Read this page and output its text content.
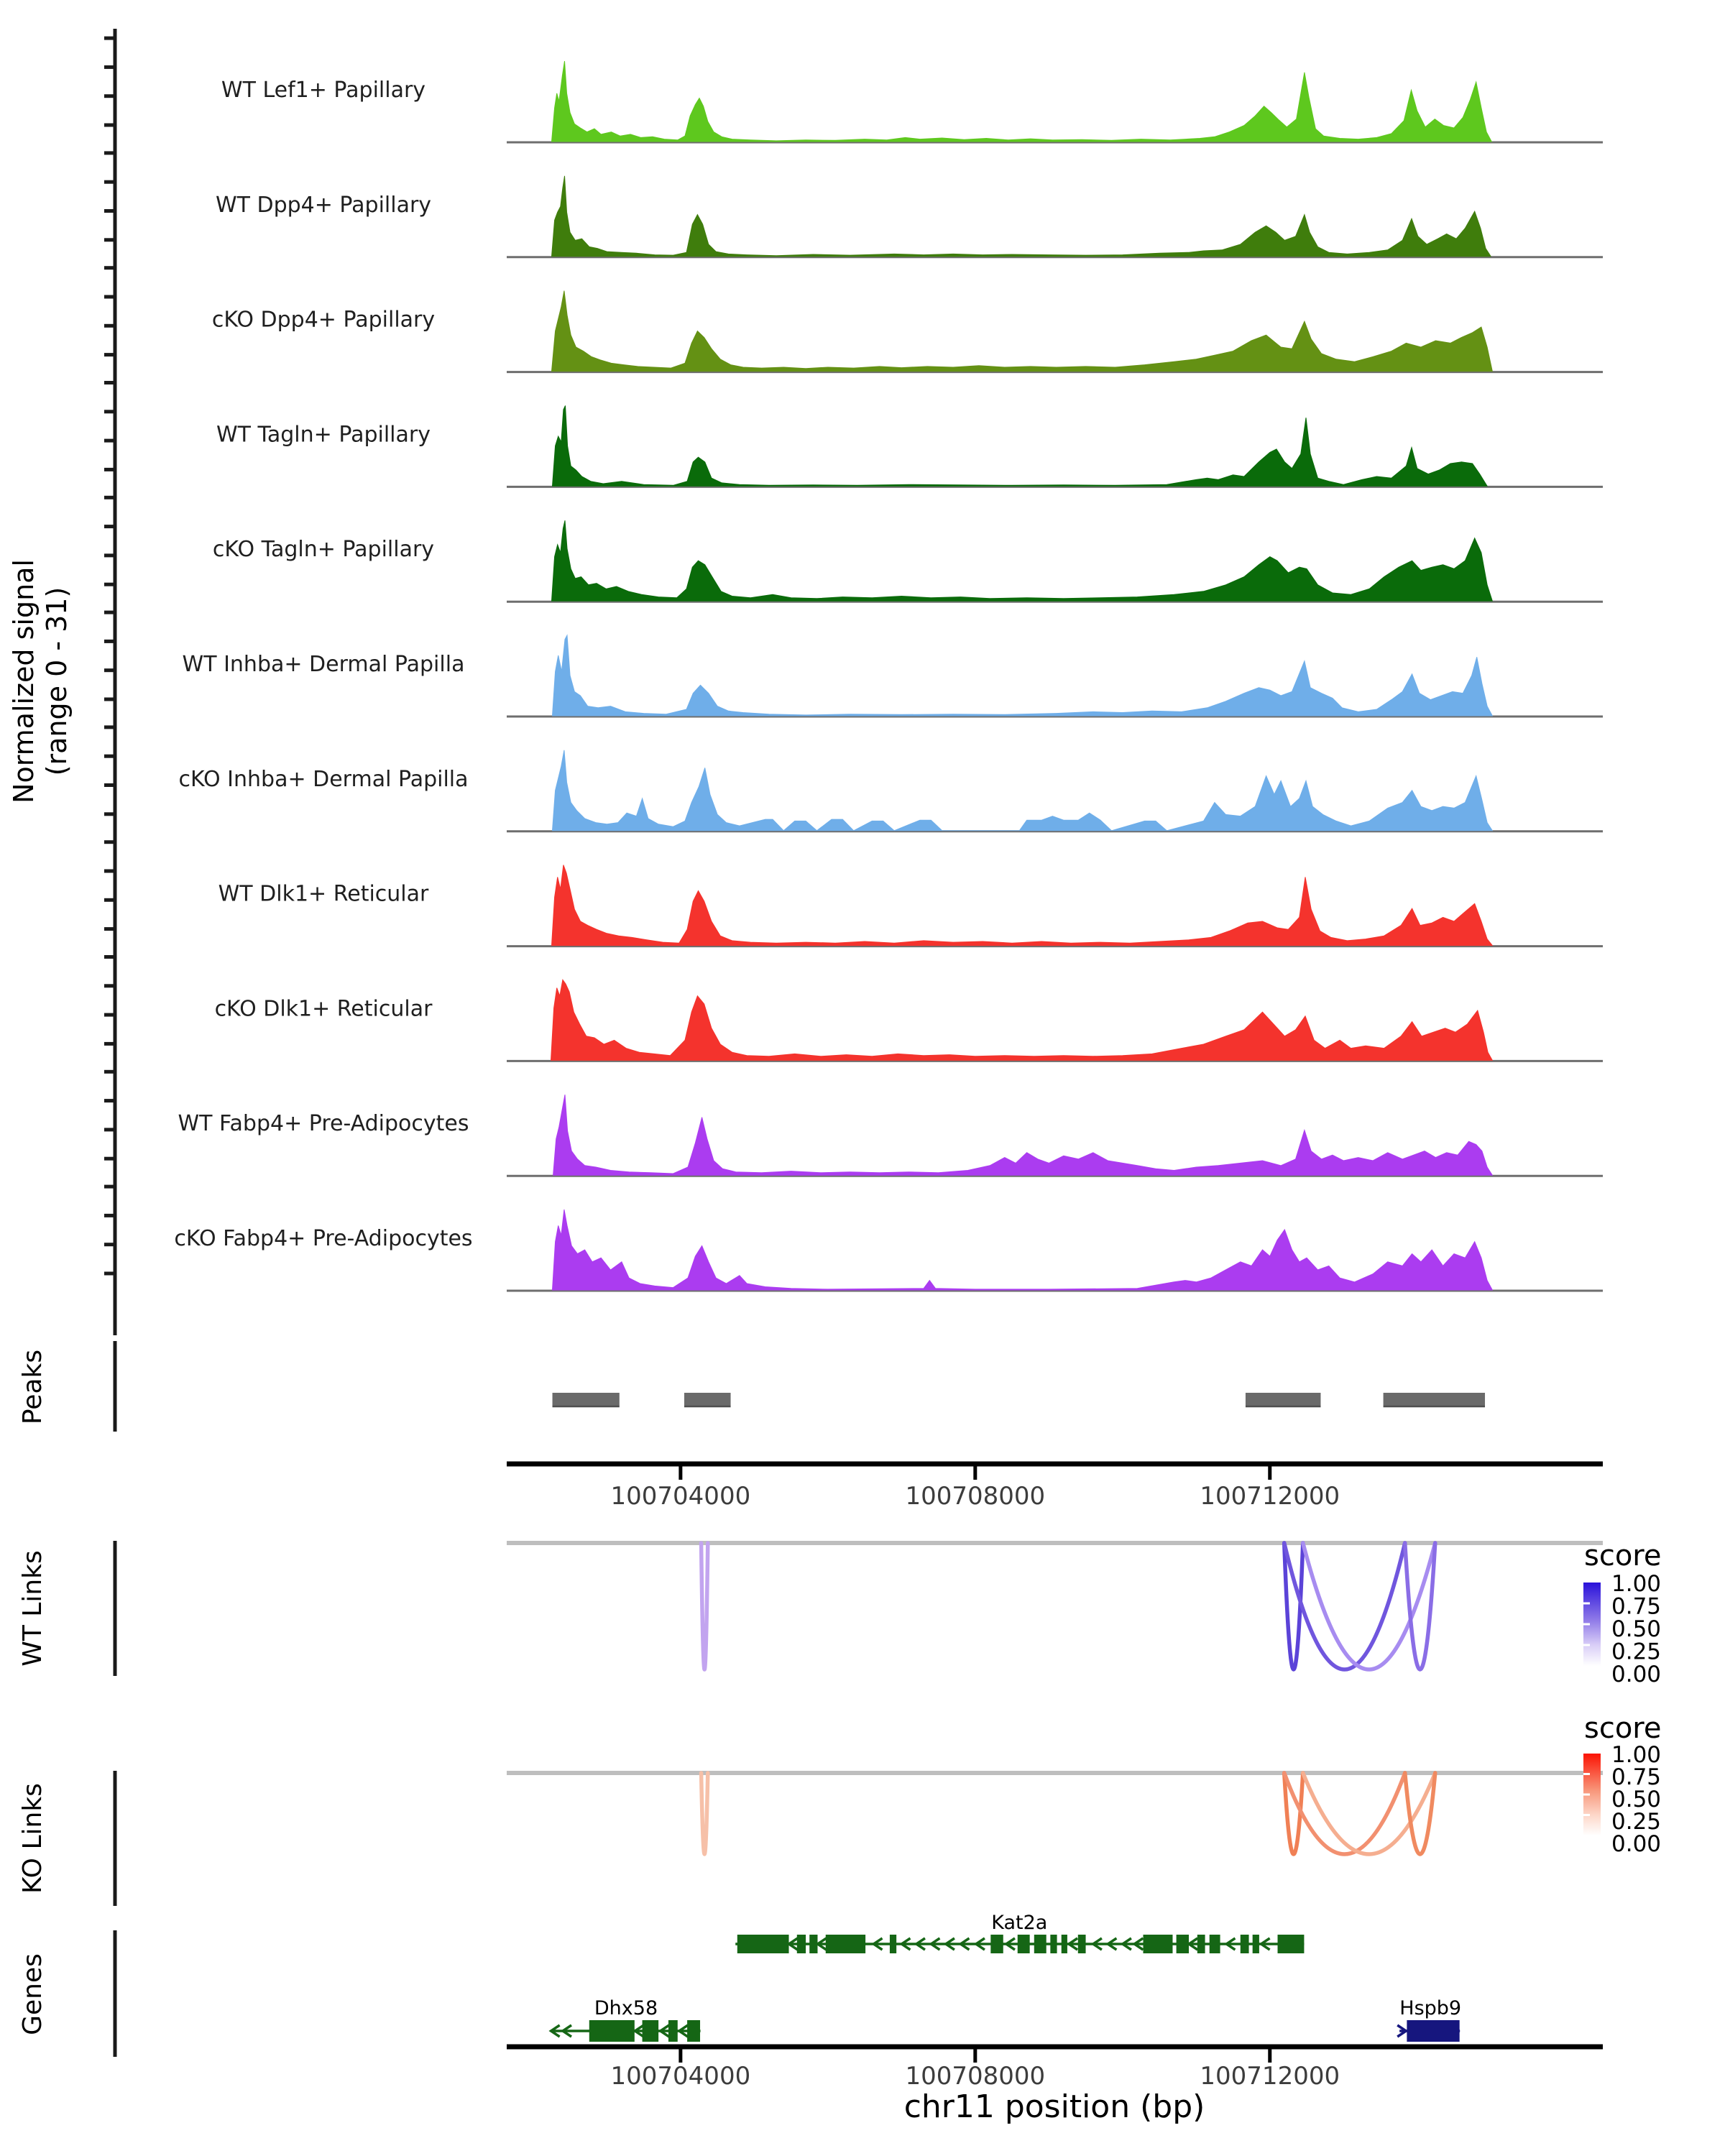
Normalized signal (range 0 - 31)
Peaks
WT Links
KO Links
Genes
score
score
chr11 position (bp)
WT Lef1+ Papillary
WT Dpp4+ Papillary
cKO Dpp4+ Papillary
WT Tagln+ Papillary
cKO Tagln+ Papillary
WT Inhba+ Dermal Papilla
cKO Inhba+ Dermal Papilla
WT Dlk1+ Reticular
cKO Dlk1+ Reticular
WT Fabp4+ Pre-Adipocytes
cKO Fabp4+ Pre-Adipocytes
100704000	100708000	100712000
100704000	100708000	100712000
1.00
0.75
0.50
0.25
0.00
1.00
0.75
0.50
0.25
0.00
Kat2a
Dhx58	Hspb9
